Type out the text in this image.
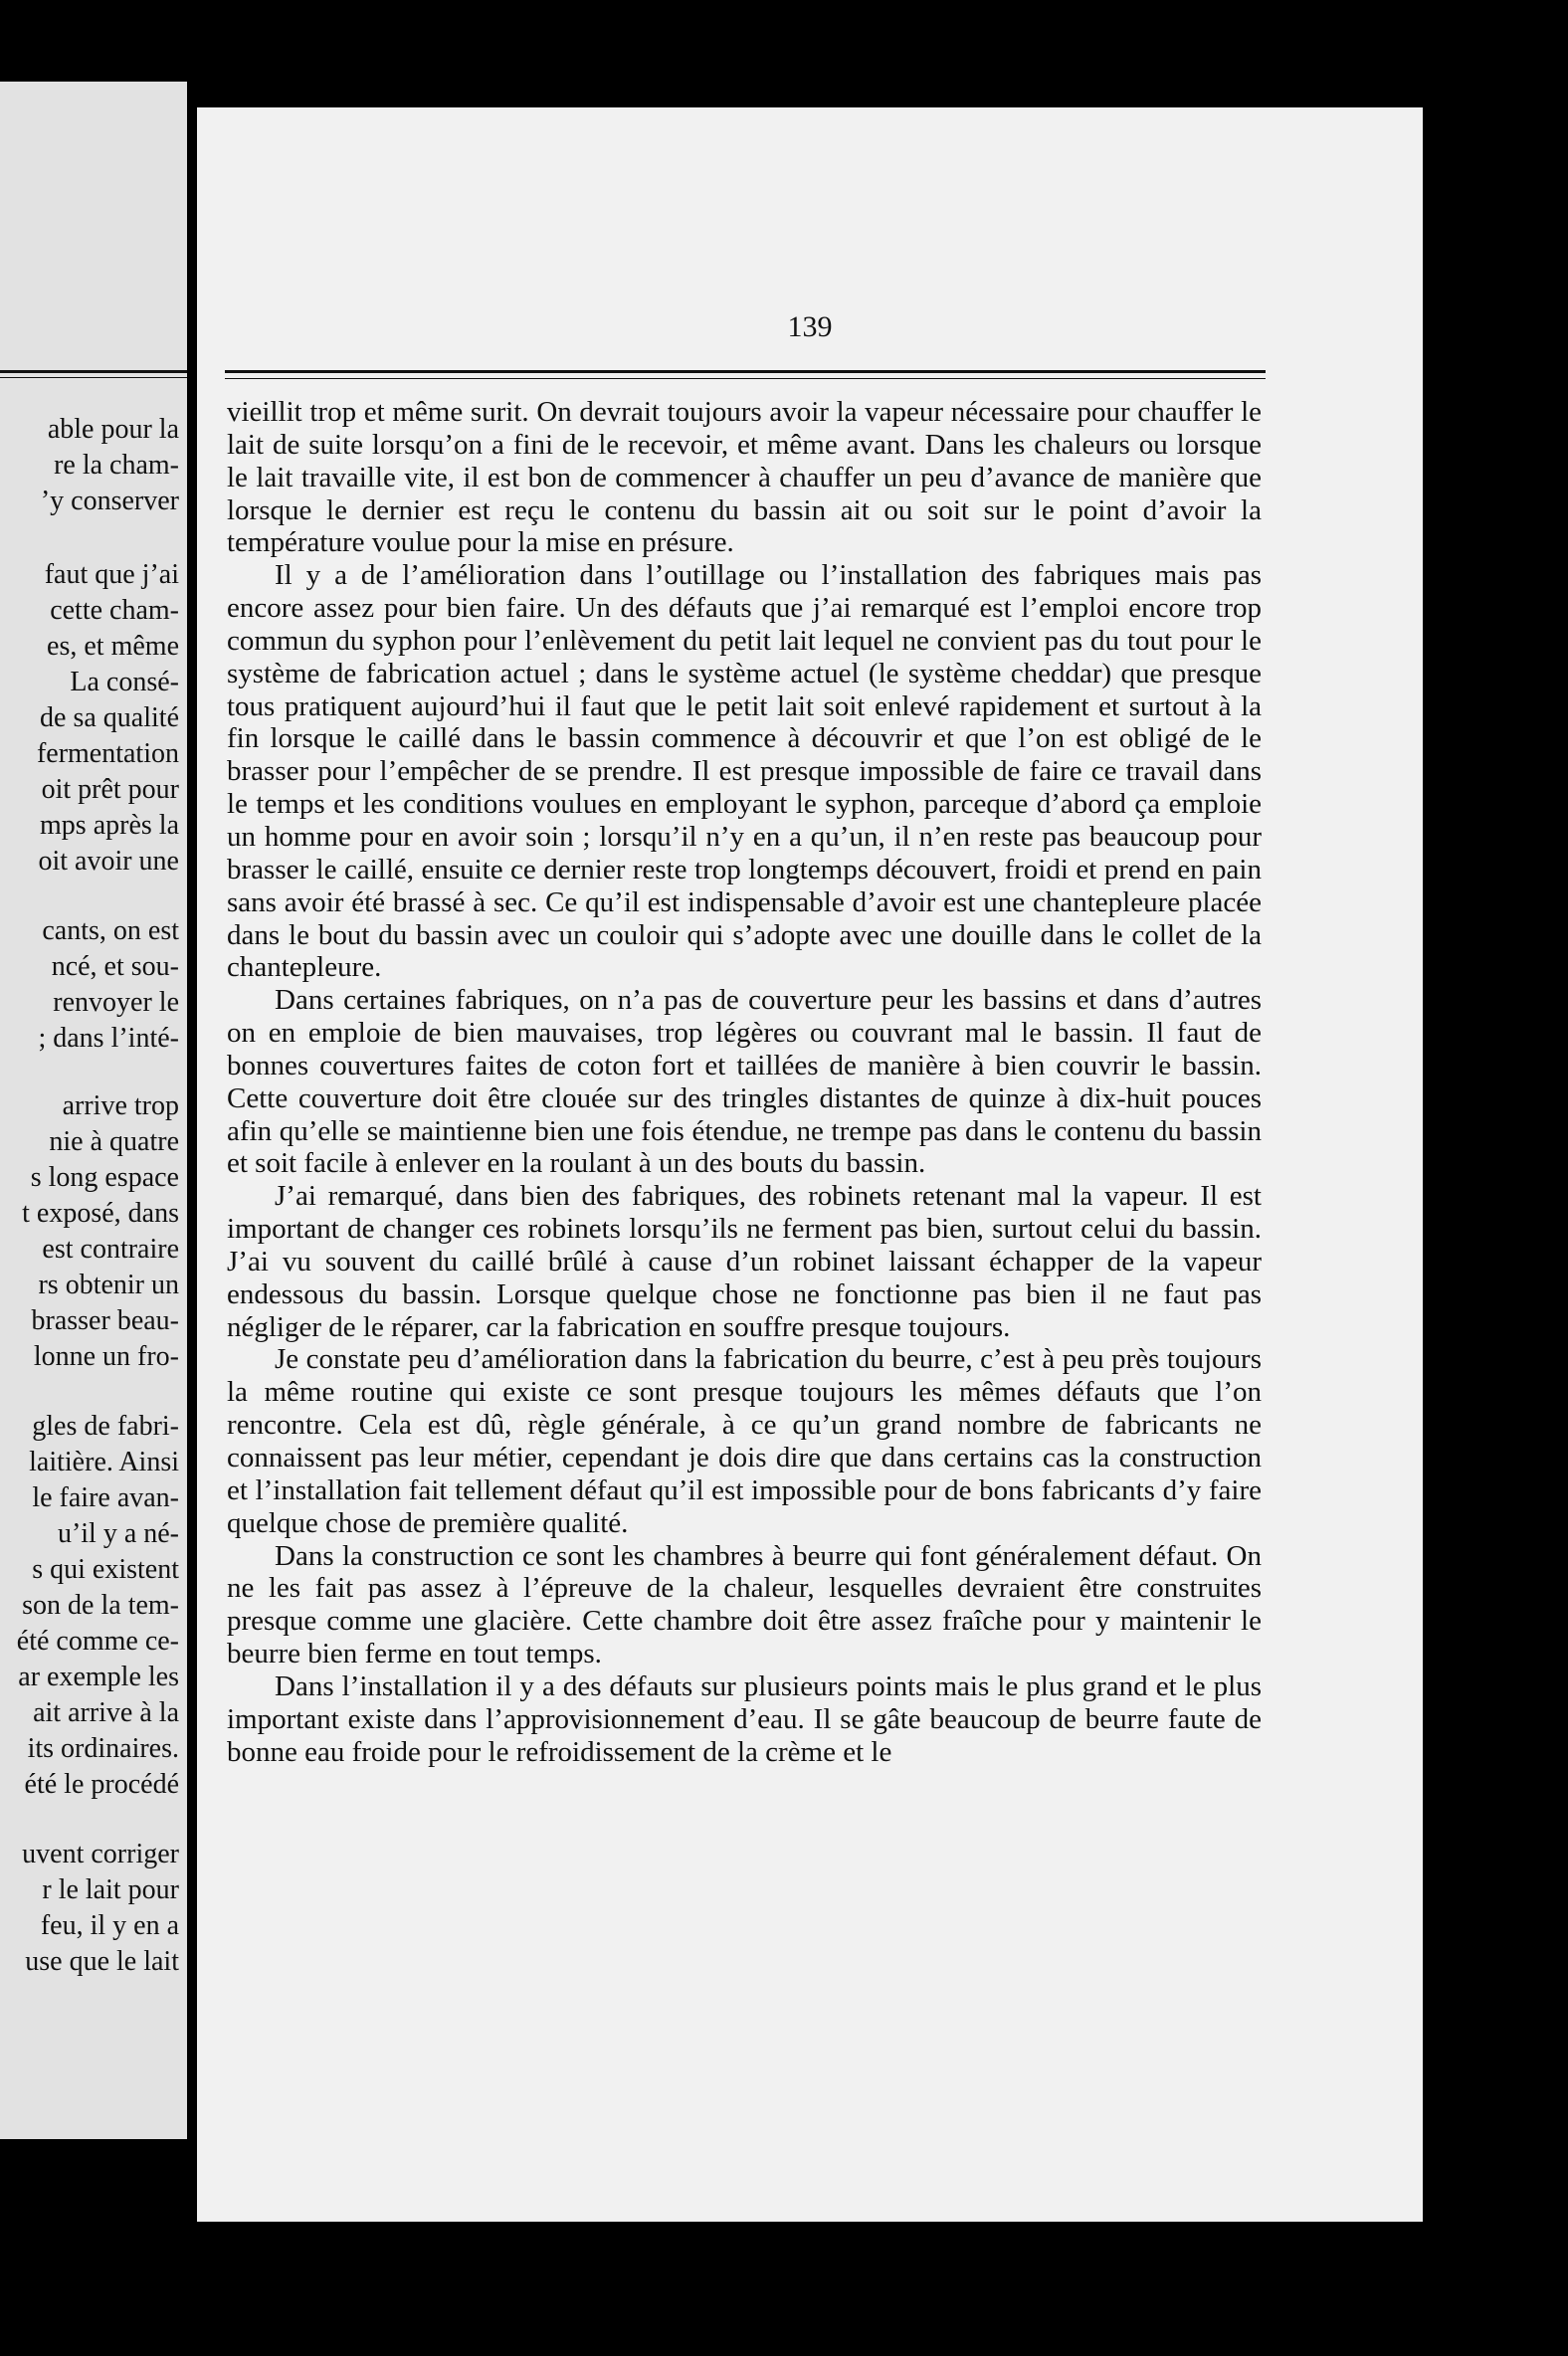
able pour la

re la cham-

’y conserver

faut que j’ai

cette cham-

es, et même

La consé-

de sa qualité

fermentation

oit prêt pour

mps après la

oit avoir une

cants, on est

ncé, et sou-

renvoyer le

; dans l’inté-

arrive trop

nie à quatre

s long espace

t exposé, dans

est contraire

rs obtenir un

brasser beau-

lonne un fro-

gles de fabri-

laitière. Ainsi

le faire avan-

u’il y a né-

s qui existent

son de la tem-

été comme ce-

ar exemple les

ait arrive à la

its ordinaires.

été le procédé

uvent corriger

r le lait pour

feu, il y en a

use que le lait

139

vieillit trop et même surit. On devrait toujours avoir la vapeur nécessaire pour chauffer le lait de suite lorsqu’on a fini de le recevoir, et même avant. Dans les chaleurs ou lorsque le lait travaille vite, il est bon de commencer à chauffer un peu d’avance de manière que lorsque le dernier est reçu le contenu du bassin ait ou soit sur le point d’avoir la température voulue pour la mise en présure.

Il y a de l’amélioration dans l’outillage ou l’installation des fabriques mais pas encore assez pour bien faire. Un des défauts que j’ai remarqué est l’emploi encore trop commun du syphon pour l’enlèvement du petit lait lequel ne convient pas du tout pour le système de fabrication actuel ; dans le système actuel (le système cheddar) que presque tous pratiquent aujourd’hui il faut que le petit lait soit enlevé rapidement et surtout à la fin lorsque le caillé dans le bassin commence à découvrir et que l’on est obligé de le brasser pour l’empêcher de se prendre. Il est presque impossible de faire ce travail dans le temps et les conditions voulues en employant le syphon, parceque d’abord ça emploie un homme pour en avoir soin ; lorsqu’il n’y en a qu’un, il n’en reste pas beaucoup pour brasser le caillé, ensuite ce dernier reste trop longtemps découvert, froidi et prend en pain sans avoir été brassé à sec. Ce qu’il est indispensable d’avoir est une chantepleure placée dans le bout du bassin avec un couloir qui s’adopte avec une douille dans le collet de la chantepleure.

Dans certaines fabriques, on n’a pas de couverture peur les bassins et dans d’autres on en emploie de bien mauvaises, trop légères ou couvrant mal le bassin. Il faut de bonnes couvertures faites de coton fort et taillées de manière à bien couvrir le bassin. Cette couverture doit être clouée sur des tringles distantes de quinze à dix-huit pouces afin qu’elle se maintienne bien une fois étendue, ne trempe pas dans le contenu du bassin et soit facile à enlever en la roulant à un des bouts du bassin.

J’ai remarqué, dans bien des fabriques, des robinets retenant mal la vapeur. Il est important de changer ces robinets lorsqu’ils ne ferment pas bien, surtout celui du bassin. J’ai vu souvent du caillé brûlé à cause d’un robinet laissant échapper de la vapeur endessous du bassin. Lorsque quelque chose ne fonctionne pas bien il ne faut pas négliger de le réparer, car la fabrication en souffre presque toujours.

Je constate peu d’amélioration dans la fabrication du beurre, c’est à peu près toujours la même routine qui existe ce sont presque toujours les mêmes défauts que l’on rencontre. Cela est dû, règle générale, à ce qu’un grand nombre de fabricants ne connaissent pas leur métier, cependant je dois dire que dans certains cas la construction et l’installation fait tellement défaut qu’il est impossible pour de bons fabricants d’y faire quelque chose de première qualité.

Dans la construction ce sont les chambres à beurre qui font généralement défaut. On ne les fait pas assez à l’épreuve de la chaleur, lesquelles devraient être construites presque comme une glacière. Cette chambre doit être assez fraîche pour y maintenir le beurre bien ferme en tout temps.

Dans l’installation il y a des défauts sur plusieurs points mais le plus grand et le plus important existe dans l’approvisionnement d’eau. Il se gâte beaucoup de beurre faute de bonne eau froide pour le refroidissement de la crème et le
